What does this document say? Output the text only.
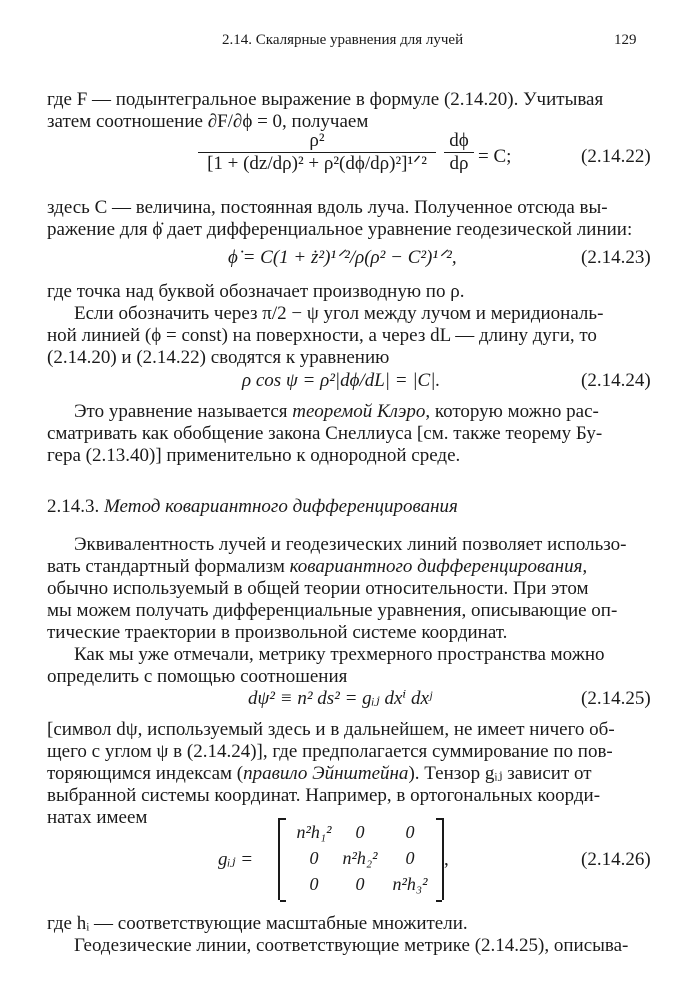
2.14. Скалярные уравнения для лучей	129
где F — подынтегральное выражение в формуле (2.14.20). Учитывая
затем соотношение ∂F/∂ϕ = 0, получаем
ρ²
[1 + (dz/dρ)² + ρ²(dϕ/dρ)²]¹ᐟ²
dϕ
dρ = C;	(2.14.22)
здесь C — величина, постоянная вдоль луча. Полученное отсюда вы-
ражение для ϕ̇ дает дифференциальное уравнение геодезической линии:
ϕ̇ = C(1 + ż²)¹ᐟ²/ρ(ρ² − C²)¹ᐟ²,	(2.14.23)
где точка над буквой обозначает производную по ρ.
Если обозначить через π/2 − ψ угол между лучом и меридиональ-
ной линией (ϕ = const) на поверхности, а через dL — длину дуги, то
(2.14.20) и (2.14.22) сводятся к уравнению
ρ cos ψ = ρ²|dϕ/dL| = |C|.	(2.14.24)
Это уравнение называется теоремой Клэро, которую можно рас-
сматривать как обобщение закона Снеллиуса [см. также теорему Бу-
гера (2.13.40)] применительно к однородной среде.
2.14.3. Метод ковариантного дифференцирования
Эквивалентность лучей и геодезических линий позволяет использо-
вать стандартный формализм ковариантного дифференцирования,
обычно используемый в общей теории относительности. При этом
мы можем получать дифференциальные уравнения, описывающие оп-
тические траектории в произвольной системе координат.
Как мы уже отмечали, метрику трехмерного пространства можно
определить с помощью соотношения
dψ² ≡ n² ds² = gᵢⱼ dxⁱ dxʲ	(2.14.25)
[символ dψ, используемый здесь и в дальнейшем, не имеет ничего об-
щего с углом ψ в (2.14.24)], где предполагается суммирование по пов-
торяющимся индексам (правило Эйнштейна). Тензор gᵢⱼ зависит от
выбранной системы координат. Например, в ортогональных коорди-
натах имеем
gᵢⱼ =
n²h₁²	0	0
0	n²h₂²	0
0	0	n²h₃²
,	(2.14.26)
где hᵢ — соответствующие масштабные множители.
Геодезические линии, соответствующие метрике (2.14.25), описыва-
